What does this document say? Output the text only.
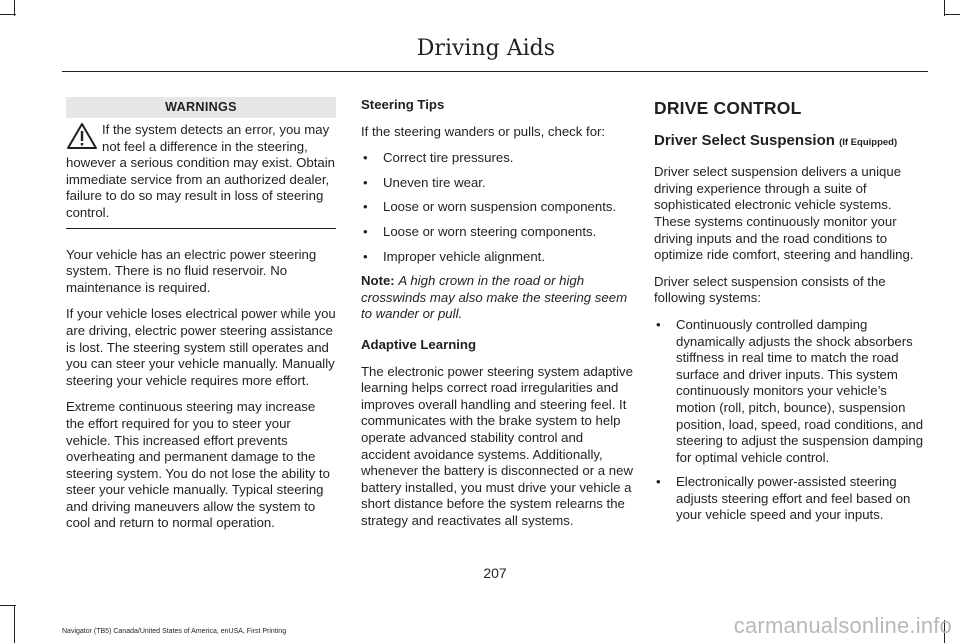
Driving Aids
WARNINGS
If the system detects an error, you may not feel a difference in the steering, however a serious condition may exist. Obtain immediate service from an authorized dealer, failure to do so may result in loss of steering control.

Your vehicle has an electric power steering system. There is no fluid reservoir. No maintenance is required.

If your vehicle loses electrical power while you are driving, electric power steering assistance is lost. The steering system still operates and you can steer your vehicle manually. Manually steering your vehicle requires more effort.

Extreme continuous steering may increase the effort required for you to steer your vehicle. This increased effort prevents overheating and permanent damage to the steering system. You do not lose the ability to steer your vehicle manually. Typical steering and driving maneuvers allow the system to cool and return to normal operation.

Steering Tips

If the steering wanders or pulls, check for:

• Correct tire pressures.
• Uneven tire wear.
• Loose or worn suspension components.
• Loose or worn steering components.
• Improper vehicle alignment.

Note: A high crown in the road or high crosswinds may also make the steering seem to wander or pull.

Adaptive Learning

The electronic power steering system adaptive learning helps correct road irregularities and improves overall handling and steering feel. It communicates with the brake system to help operate advanced stability control and accident avoidance systems. Additionally, whenever the battery is disconnected or a new battery installed, you must drive your vehicle a short distance before the system relearns the strategy and reactivates all systems.

DRIVE CONTROL
Driver Select Suspension (If Equipped)

Driver select suspension delivers a unique driving experience through a suite of sophisticated electronic vehicle systems. These systems continuously monitor your driving inputs and the road conditions to optimize ride comfort, steering and handling.

Driver select suspension consists of the following systems:

• Continuously controlled damping dynamically adjusts the shock absorbers stiffness in real time to match the road surface and driver inputs. This system continuously monitors your vehicle’s motion (roll, pitch, bounce), suspension position, load, speed, road conditions, and steering to adjust the suspension damping for optimal vehicle control.
• Electronically power-assisted steering adjusts steering effort and feel based on your vehicle speed and your inputs.
207
Navigator (TB5) Canada/United States of America, enUSA, First Printing	carmanualsonline.info
